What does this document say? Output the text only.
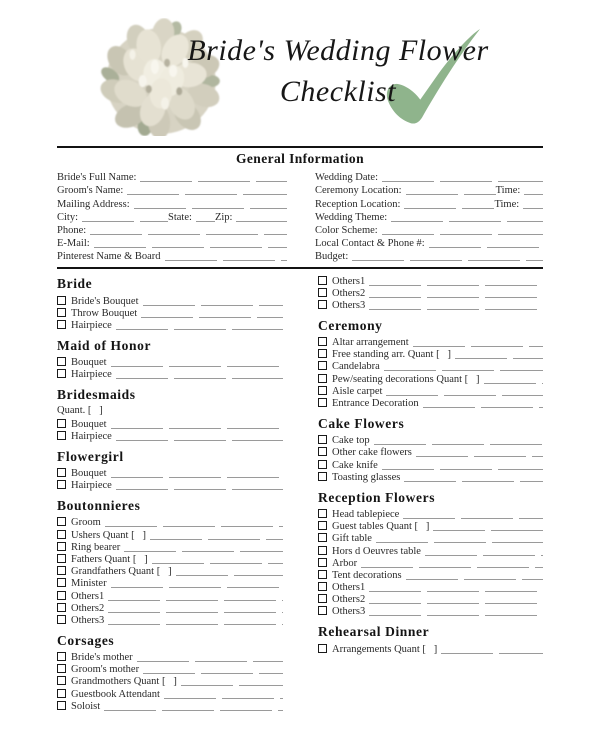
Bride's Wedding Flower
Checklist
General Information
Bride's Full Name:
Groom's Name:
Mailing Address:
City:	State: Zip:
Phone:
E-Mail:
Pinterest Name & Board
Wedding Date:
Ceremony Location:	Time:
Reception Location:	Time:
Wedding Theme:
Color Scheme:
Local Contact & Phone #:
Budget:
Bride
Bride's Bouquet
Throw Bouquet
Hairpiece
Maid of Honor
Bouquet
Hairpiece
Bridesmaids
Quant. [   ]
Bouquet
Hairpiece
Flowergirl
Bouquet
Hairpiece
Boutonnieres
Groom
Ushers Quant [   ]
Ring bearer
Fathers Quant [   ]
Grandfathers Quant [   ]
Minister
Others1
Others2
Others3
Corsages
Bride's mother
Groom's mother
Grandmothers Quant [   ]
Guestbook Attendant
Soloist
Others1
Others2
Others3
Ceremony
Altar arrangement
Free standing arr. Quant [   ]
Candelabra
Pew/seating decorations Quant [   ]
Aisle carpet
Entrance Decoration
Cake Flowers
Cake top
Other cake flowers
Cake knife
Toasting glasses
Reception Flowers
Head tablepiece
Guest tables Quant [   ]
Gift table
Hors d Oeuvres table
Arbor
Tent decorations
Others1
Others2
Others3
Rehearsal Dinner
Arrangements Quant [   ]
